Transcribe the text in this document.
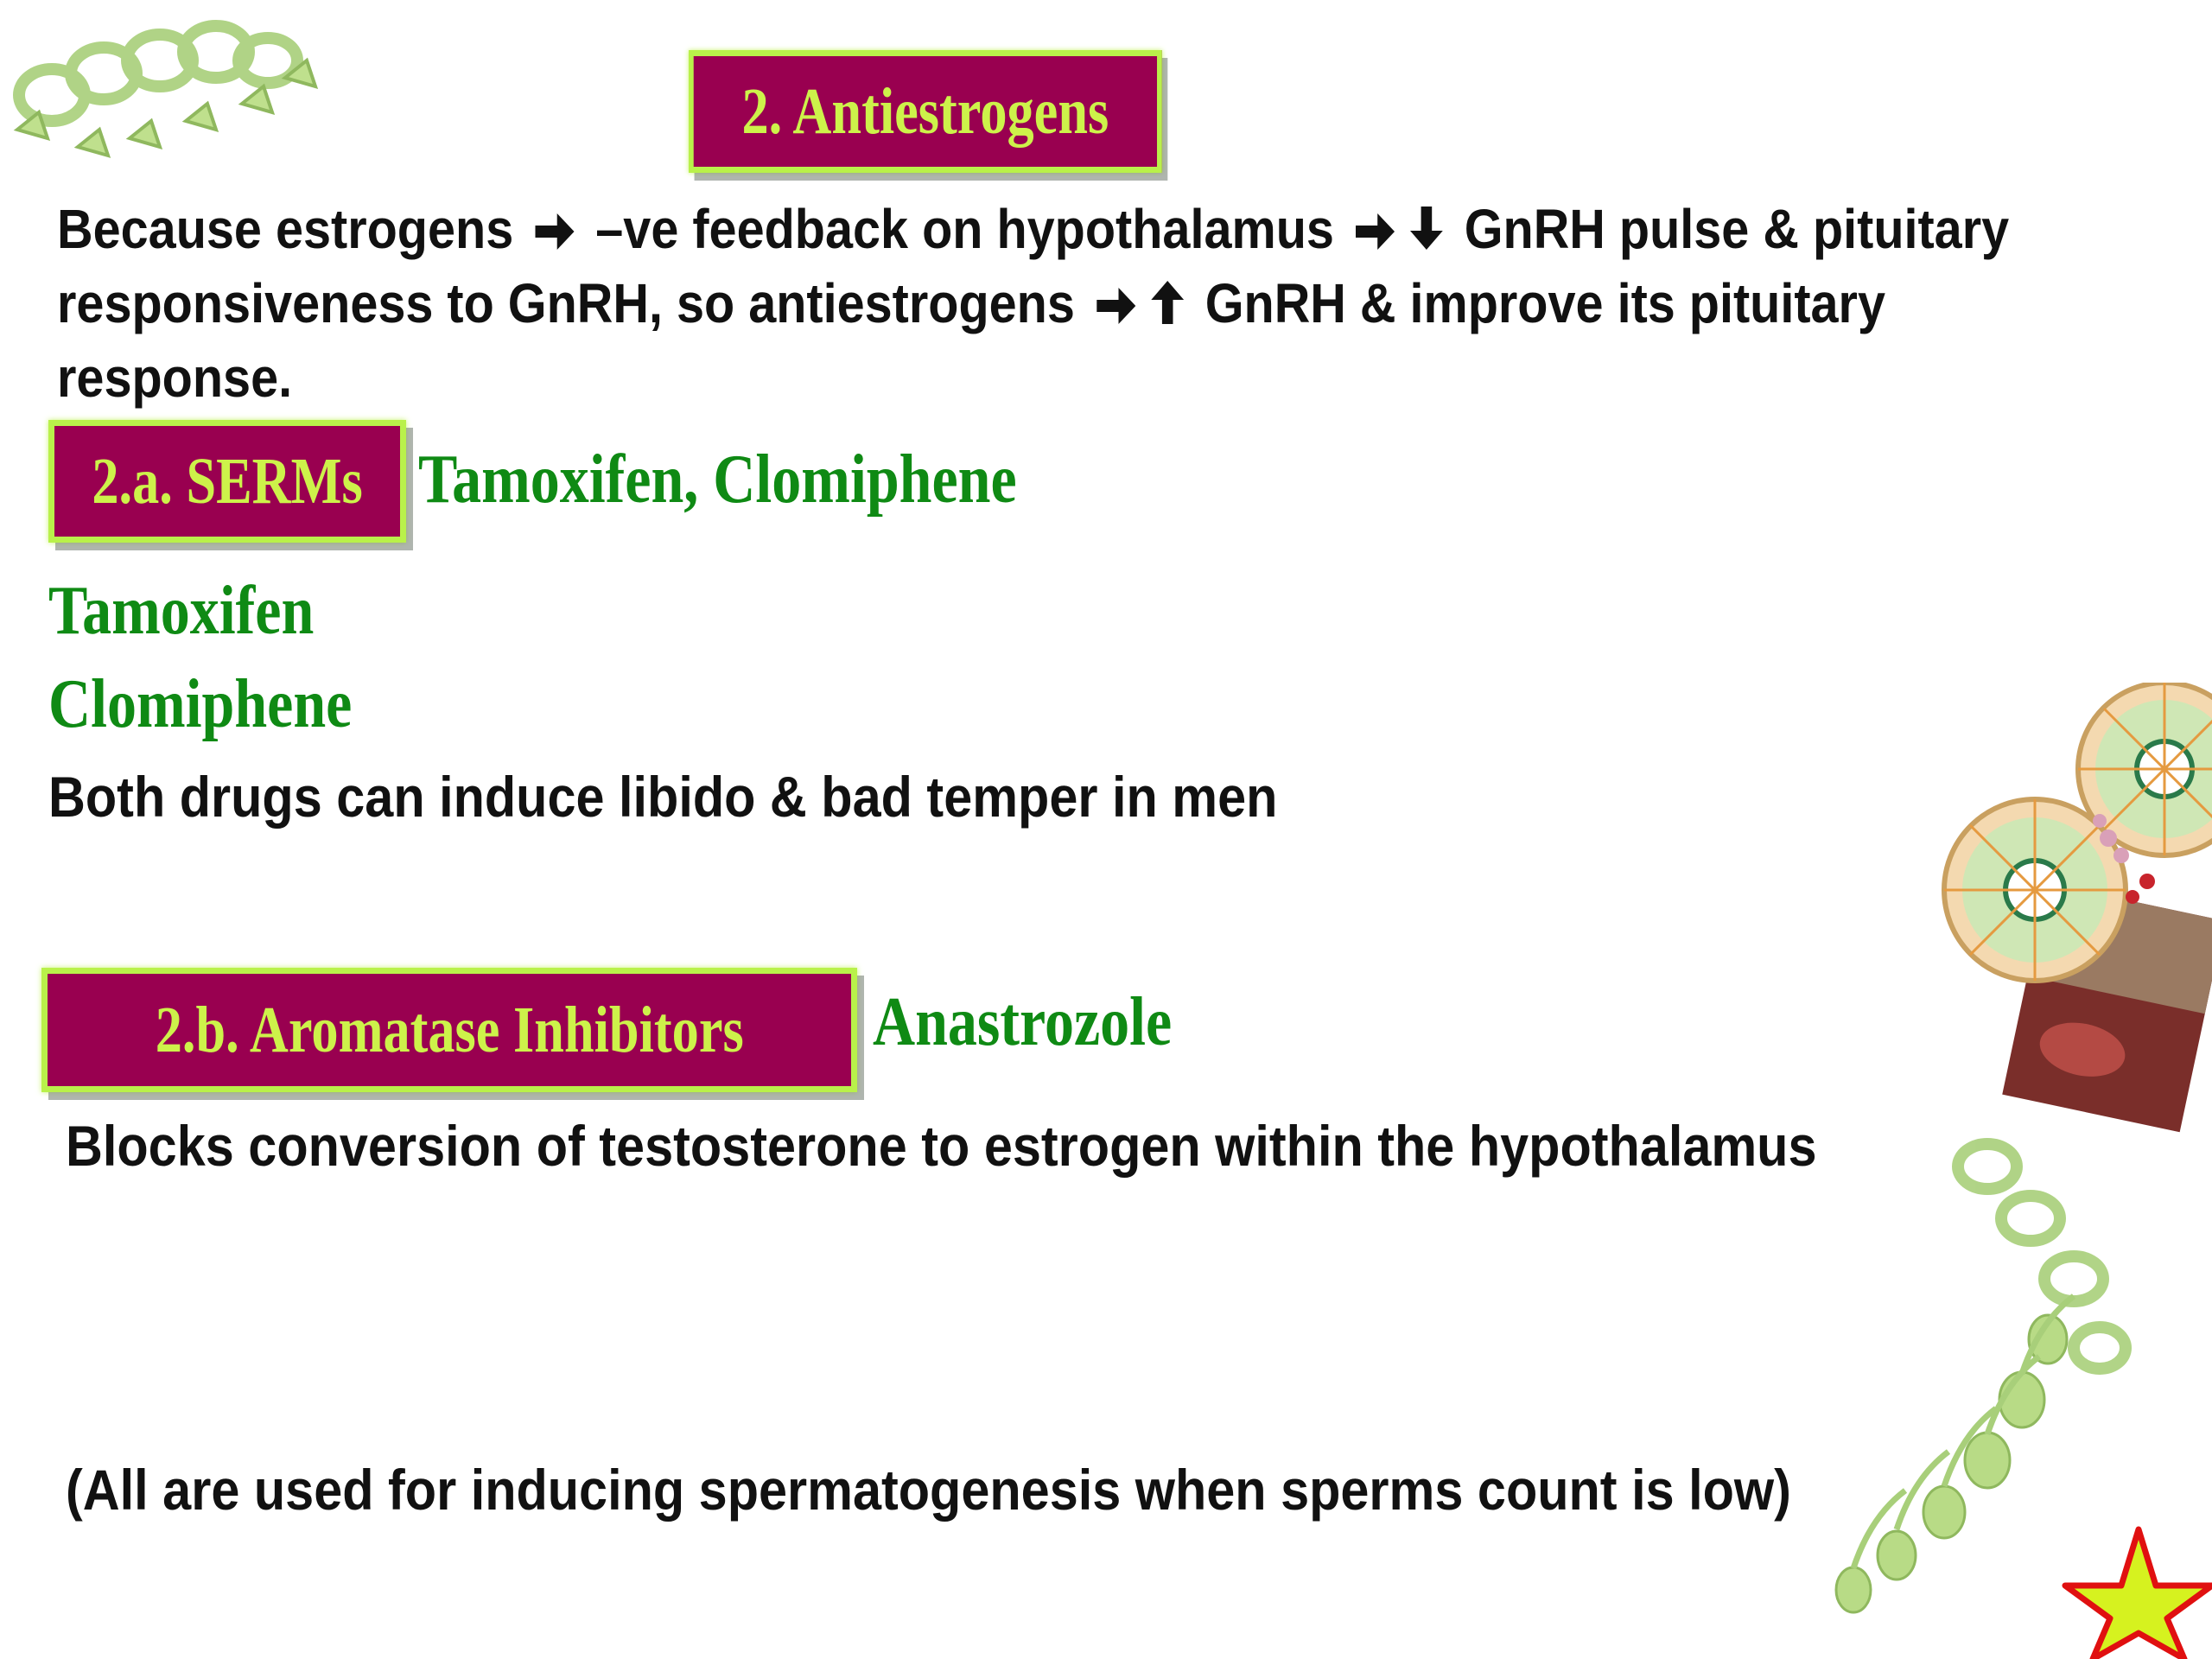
2. Antiestrogens
Because estrogens –ve feedback on hypothalamus GnRH pulse & pituitary
responsiveness to GnRH, so antiestrogens GnRH & improve its pituitary
response.
2.a. SERMs Tamoxifen, Clomiphene
Tamoxifen
Clomiphene
Both drugs can induce libido & bad temper in men
2.b. Aromatase Inhibitors Anastrozole
Blocks conversion of testosterone to estrogen within the hypothalamus
(All are used for inducing spermatogenesis when sperms count is low)
